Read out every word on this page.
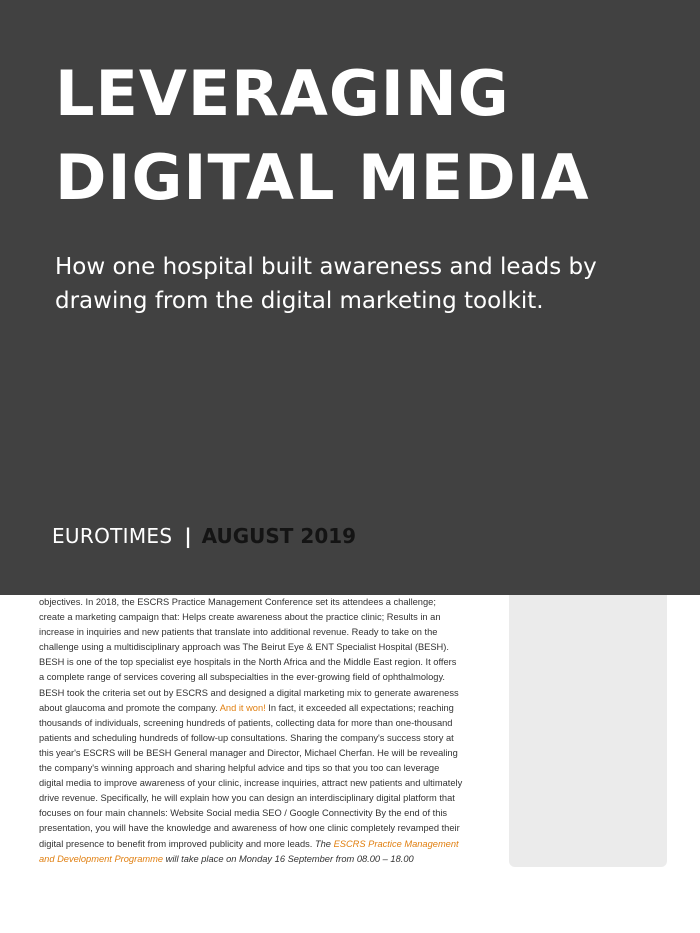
LEVERAGING
DIGITAL MEDIA

How one hospital built awareness and leads by drawing from the digital marketing toolkit.

EUROTIMES | AUGUST 2019

objectives. In 2018, the ESCRS Practice Management Conference set its attendees a challenge; create a marketing campaign that: Helps create awareness about the practice clinic; Results in an increase in inquiries and new patients that translate into additional revenue. Ready to take on the challenge using a multidisciplinary approach was The Beirut Eye & ENT Specialist Hospital (BESH). BESH is one of the top specialist eye hospitals in the North Africa and the Middle East region. It offers a complete range of services covering all subspecialties in the ever-growing field of ophthalmology. BESH took the criteria set out by ESCRS and designed a digital marketing mix to generate awareness about glaucoma and promote the company. And it won! In fact, it exceeded all expectations; reaching thousands of individuals, screening hundreds of patients, collecting data for more than one-thousand patients and scheduling hundreds of follow-up consultations. Sharing the company's success story at this year's ESCRS will be BESH General manager and Director, Michael Cherfan. He will be revealing the company's winning approach and sharing helpful advice and tips so that you too can leverage digital media to improve awareness of your clinic, increase inquiries, attract new patients and ultimately drive revenue. Specifically, he will explain how you can design an interdisciplinary digital platform that focuses on four main channels: Website Social media SEO / Google Connectivity By the end of this presentation, you will have the knowledge and awareness of how one clinic completely revamped their digital presence to benefit from improved publicity and more leads. The ESCRS Practice Management and Development Programme will take place on Monday 16 September from 08.00 – 18.00
